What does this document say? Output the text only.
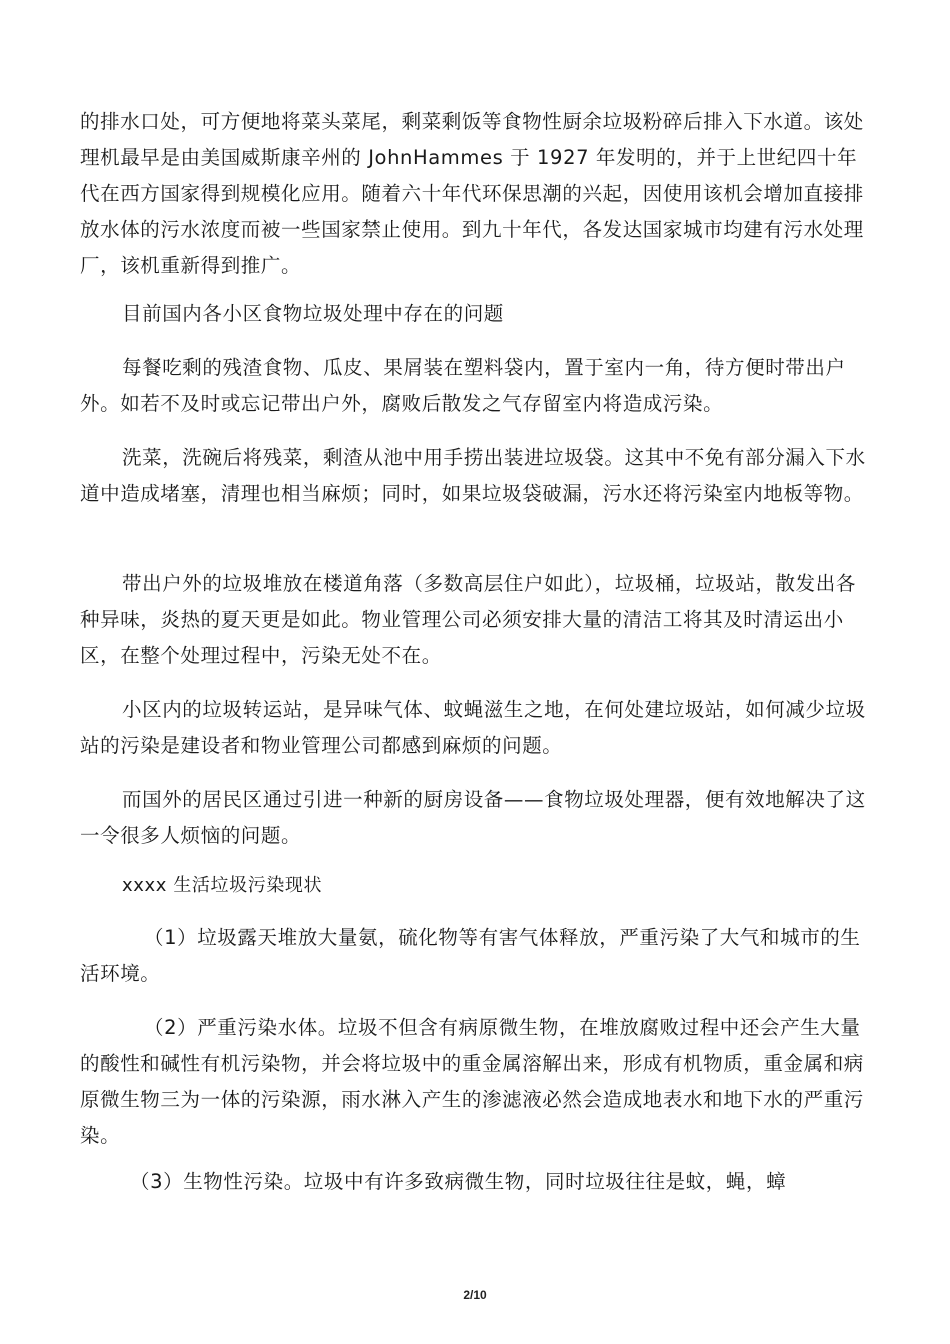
的排水口处，可方便地将菜头菜尾，剩菜剩饭等食物性厨余垃圾粉碎后排入下水道。该处理机最早是由美国威斯康辛州的 JohnHammes 于 1927 年发明的，并于上世纪四十年代在西方国家得到规模化应用。随着六十年代环保思潮的兴起，因使用该机会增加直接排放水体的污水浓度而被一些国家禁止使用。到九十年代，各发达国家城市均建有污水处理厂，该机重新得到推广。

目前国内各小区食物垃圾处理中存在的问题

每餐吃剩的残渣食物、瓜皮、果屑装在塑料袋内，置于室内一角，待方便时带出户外。如若不及时或忘记带出户外，腐败后散发之气存留室内将造成污染。

洗菜，洗碗后将残菜，剩渣从池中用手捞出装进垃圾袋。这其中不免有部分漏入下水道中造成堵塞，清理也相当麻烦；同时，如果垃圾袋破漏，污水还将污染室内地板等物。

带出户外的垃圾堆放在楼道角落（多数高层住户如此），垃圾桶，垃圾站，散发出各种异味，炎热的夏天更是如此。物业管理公司必须安排大量的清洁工将其及时清运出小区，在整个处理过程中，污染无处不在。

小区内的垃圾转运站，是异味气体、蚊蝇滋生之地，在何处建垃圾站，如何减少垃圾站的污染是建设者和物业管理公司都感到麻烦的问题。

而国外的居民区通过引进一种新的厨房设备——食物垃圾处理器，便有效地解决了这一令很多人烦恼的问题。

xxxx 生活垃圾污染现状

（1）垃圾露天堆放大量氨，硫化物等有害气体释放，严重污染了大气和城市的生活环境。

（2）严重污染水体。垃圾不但含有病原微生物，在堆放腐败过程中还会产生大量的酸性和碱性有机污染物，并会将垃圾中的重金属溶解出来，形成有机物质，重金属和病原微生物三为一体的污染源，雨水淋入产生的渗滤液必然会造成地表水和地下水的严重污染。

（3）生物性污染。垃圾中有许多致病微生物，同时垃圾往往是蚊，蝇，蟑

2/10
